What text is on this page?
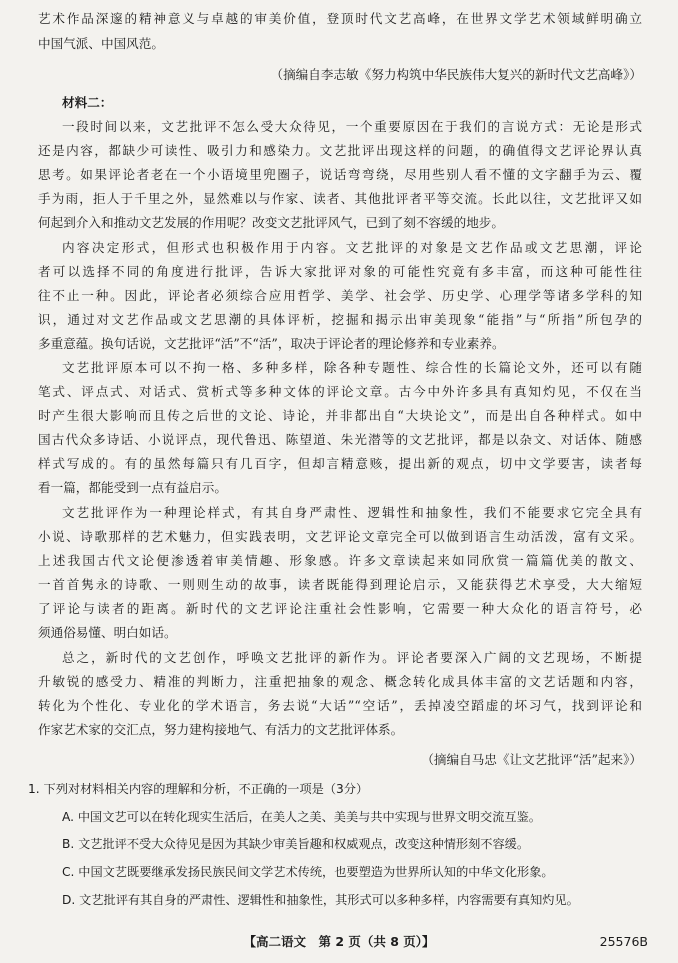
艺术作品深邃的精神意义与卓越的审美价值，登顶时代文艺高峰，在世界文学艺术领域鲜明确立
中国气派、中国风范。
（摘编自李志敏《努力构筑中华民族伟大复兴的新时代文艺高峰》）
材料二：
一段时间以来，文艺批评不怎么受大众待见，一个重要原因在于我们的言说方式：无论是形式
还是内容，都缺少可读性、吸引力和感染力。文艺批评出现这样的问题，的确值得文艺评论界认真
思考。如果评论者老在一个小语境里兜圈子，说话弯弯绕，尽用些别人看不懂的文字翻手为云、覆
手为雨，拒人于千里之外，显然难以与作家、读者、其他批评者平等交流。长此以往，文艺批评又如
何起到介入和推动文艺发展的作用呢？改变文艺批评风气，已到了刻不容缓的地步。
内容决定形式，但形式也积极作用于内容。文艺批评的对象是文艺作品或文艺思潮，评论
者可以选择不同的角度进行批评，告诉大家批评对象的可能性究竟有多丰富，而这种可能性往
往不止一种。因此，评论者必须综合应用哲学、美学、社会学、历史学、心理学等诸多学科的知
识，通过对文艺作品或文艺思潮的具体评析，挖掘和揭示出审美现象“能指”与“所指”所包孕的
多重意蕴。换句话说，文艺批评“活”不“活”，取决于评论者的理论修养和专业素养。
文艺批评原本可以不拘一格、多种多样，除各种专题性、综合性的长篇论文外，还可以有随
笔式、评点式、对话式、赏析式等多种文体的评论文章。古今中外许多具有真知灼见，不仅在当
时产生很大影响而且传之后世的文论、诗论，并非都出自“大块论文”，而是出自各种样式。如中
国古代众多诗话、小说评点，现代鲁迅、陈望道、朱光潜等的文艺批评，都是以杂文、对话体、随感
样式写成的。有的虽然每篇只有几百字，但却言精意赅，提出新的观点，切中文学要害，读者每
看一篇，都能受到一点有益启示。
文艺批评作为一种理论样式，有其自身严肃性、逻辑性和抽象性，我们不能要求它完全具有
小说、诗歌那样的艺术魅力，但实践表明，文艺评论文章完全可以做到语言生动活泼，富有文采。
上述我国古代文论便渗透着审美情趣、形象感。许多文章读起来如同欣赏一篇篇优美的散文、
一首首隽永的诗歌、一则则生动的故事，读者既能得到理论启示，又能获得艺术享受，大大缩短
了评论与读者的距离。新时代的文艺评论注重社会性影响，它需要一种大众化的语言符号，必
须通俗易懂、明白如话。
总之，新时代的文艺创作，呼唤文艺批评的新作为。评论者要深入广阔的文艺现场，不断提
升敏锐的感受力、精准的判断力，注重把抽象的观念、概念转化成具体丰富的文艺话题和内容，
转化为个性化、专业化的学术语言，务去说“大话”“空话”，丢掉凌空蹈虚的坏习气，找到评论和
作家艺术家的交汇点，努力建构接地气、有活力的文艺批评体系。
（摘编自马忠《让文艺批评“活”起来》）
1. 下列对材料相关内容的理解和分析，不正确的一项是（3分）
A. 中国文艺可以在转化现实生活后，在美人之美、美美与共中实现与世界文明交流互鉴。
B. 文艺批评不受大众待见是因为其缺少审美旨趣和权威观点，改变这种情形刻不容缓。
C. 中国文艺既要继承发扬民族民间文学艺术传统，也要塑造为世界所认知的中华文化形象。
D. 文艺批评有其自身的严肃性、逻辑性和抽象性，其形式可以多种多样，内容需要有真知灼见。
【高二语文　第 2 页（共 8 页）】	25576B
